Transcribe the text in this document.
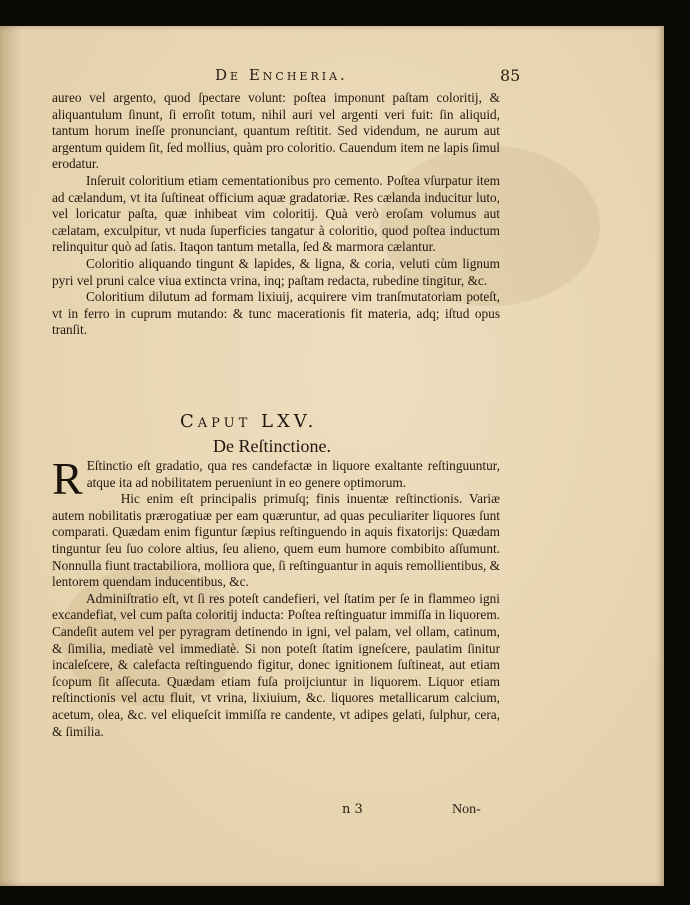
De Encheria.	85

aureo vel argento, quod ſpectare volunt: poſtea imponunt paſtam coloritij, & aliquantulum ſinunt, ſi erroſit totum, nihil auri vel argenti veri fuit: ſin aliquid, tantum horum ineſſe pronunciant, quantum reſtitit. Sed videndum, ne aurum aut argentum quidem ſit, ſed mollius, quàm pro coloritio. Cauendum item ne lapis ſimul erodatur.

Inſeruit coloritium etiam cementationibus pro cemento. Poſtea vſurpatur item ad cælandum, vt ita ſuſtineat officium aquæ gradatoriæ. Res cælanda inducitur luto, vel loricatur paſta, quæ inhibeat vim coloritij. Quà verò eroſam volumus aut cælatam, exculpitur, vt nuda ſuperficies tangatur à coloritio, quod poſtea inductum relinquitur quò ad ſatis. Itaqon tantum metalla, ſed & marmora cælantur.

Coloritio aliquando tingunt & lapides, & ligna, & coria, veluti cùm lignum pyri vel pruni calce viua extincta vrina, inq; paſtam redacta, rubedine tingitur, &c.

Coloritium dilutum ad formam lixiuij, acquirere vim tranſmutatoriam poteſt, vt in ferro in cuprum mutando: & tunc macerationis fit materia, adq; iſtud opus tranſit.

Caput LXV.
De Reſtinctione.

R Eſtinctio eſt gradatio, qua res candefactæ in liquore exaltante reſtinguuntur, atque ita ad nobilitatem perueniunt in eo genere optimorum.

Hic enim eſt principalis primuſq; finis inuentæ reſtinctionis. Variæ autem nobilitatis prærogatiuæ per eam quæruntur, ad quas peculiariter liquores ſunt comparati. Quædam enim figuntur ſæpius reſtinguendo in aquis fixatorijs: Quædam tinguntur ſeu ſuo colore altius, ſeu alieno, quem eum humore combibito aſſumunt. Nonnulla fiunt tractabiliora, molliora que, ſi reſtinguantur in aquis remollientibus, & lentorem quendam inducentibus, &c.

Adminiſtratio eſt, vt ſi res poteſt candefieri, vel ſtatim per ſe in flammeo igni excandefiat, vel cum paſta coloritij inducta: Poſtea reſtinguatur immiſſa in liquorem. Candeſit autem vel per pyragram detinendo in igni, vel palam, vel ollam, catinum, & ſimilia, mediatè vel immediatè. Si non poteſt ſtatim igneſcere, paulatim ſinitur incaleſcere, & calefacta reſtinguendo figitur, donec ignitionem ſuſtineat, aut etiam ſcopum ſit aſſecuta. Quædam etiam fuſa proijciuntur in liquorem. Liquor etiam reſtinctionis vel actu fluit, vt vrina, lixiuium, &c. liquores metallicarum calcium, acetum, olea, &c. vel eliqueſcit immiſſa re candente, vt adipes gelati, ſulphur, cera, & ſimilia.

n 3	Non-
